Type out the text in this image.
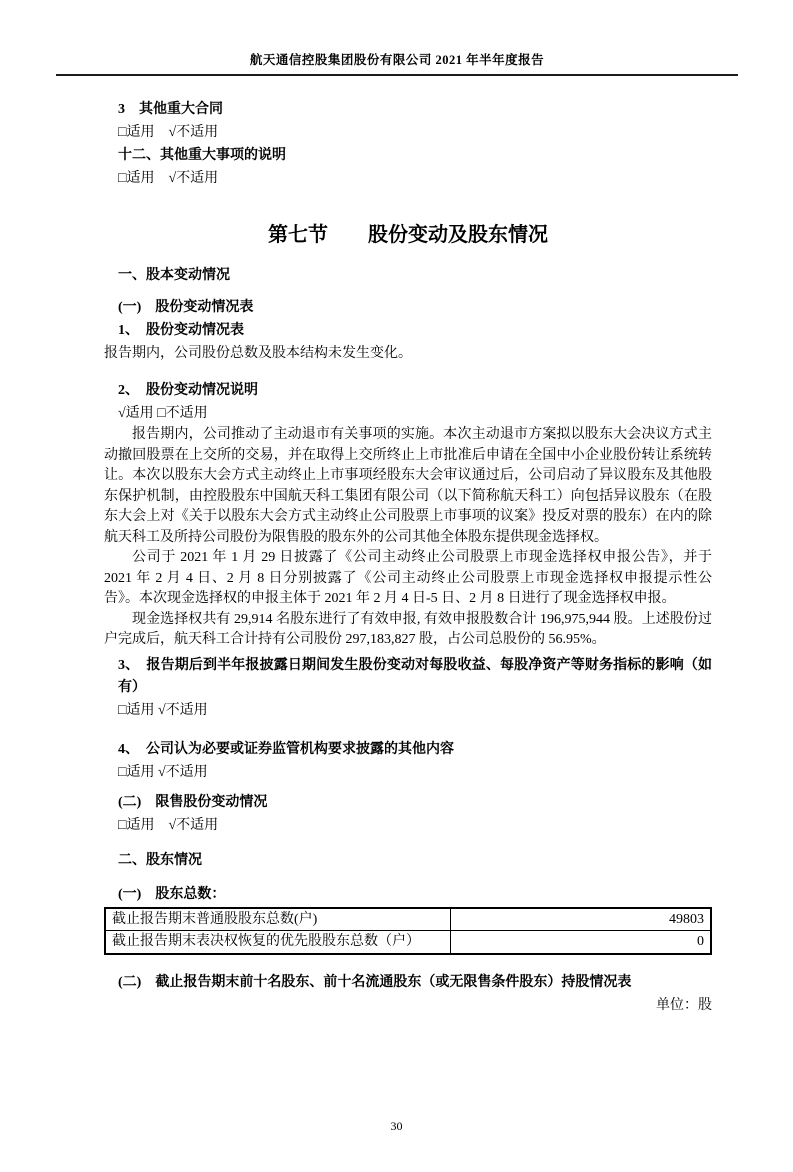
航天通信控股集团股份有限公司 2021 年半年度报告
3　其他重大合同
□适用　√不适用
十二、其他重大事项的说明
□适用　√不适用
第七节　　股份变动及股东情况
一、股本变动情况
(一)　股份变动情况表
1、　股份变动情况表
报告期内，公司股份总数及股本结构未发生变化。
2、　股份变动情况说明
√适用 □不适用
报告期内，公司推动了主动退市有关事项的实施。本次主动退市方案拟以股东大会决议方式主动撤回股票在上交所的交易，并在取得上交所终止上市批准后申请在全国中小企业股份转让系统转让。本次以股东大会方式主动终止上市事项经股东大会审议通过后，公司启动了异议股东及其他股东保护机制，由控股股东中国航天科工集团有限公司（以下简称航天科工）向包括异议股东（在股东大会上对《关于以股东大会方式主动终止公司股票上市事项的议案》投反对票的股东）在内的除航天科工及所持公司股份为限售股的股东外的公司其他全体股东提供现金选择权。
公司于 2021 年 1 月 29 日披露了《公司主动终止公司股票上市现金选择权申报公告》，并于 2021 年 2 月 4 日、2 月 8 日分别披露了《公司主动终止公司股票上市现金选择权申报提示性公告》。本次现金选择权的申报主体于 2021 年 2 月 4 日-5 日、2 月 8 日进行了现金选择权申报。
现金选择权共有 29,914 名股东进行了有效申报, 有效申报股数合计 196,975,944 股。上述股份过户完成后，航天科工合计持有公司股份 297,183,827 股，占公司总股份的 56.95%。
3、　报告期后到半年报披露日期间发生股份变动对每股收益、每股净资产等财务指标的影响（如有）
□适用 √不适用
4、　公司认为必要或证券监管机构要求披露的其他内容
□适用 √不适用
(二)　限售股份变动情况
□适用　√不适用
二、股东情况
(一)　股东总数：
截止报告期末普通股股东总数(户)	49803
截止报告期末表决权恢复的优先股股东总数（户）	0
(二)　截止报告期末前十名股东、前十名流通股东（或无限售条件股东）持股情况表
单位：股
30
